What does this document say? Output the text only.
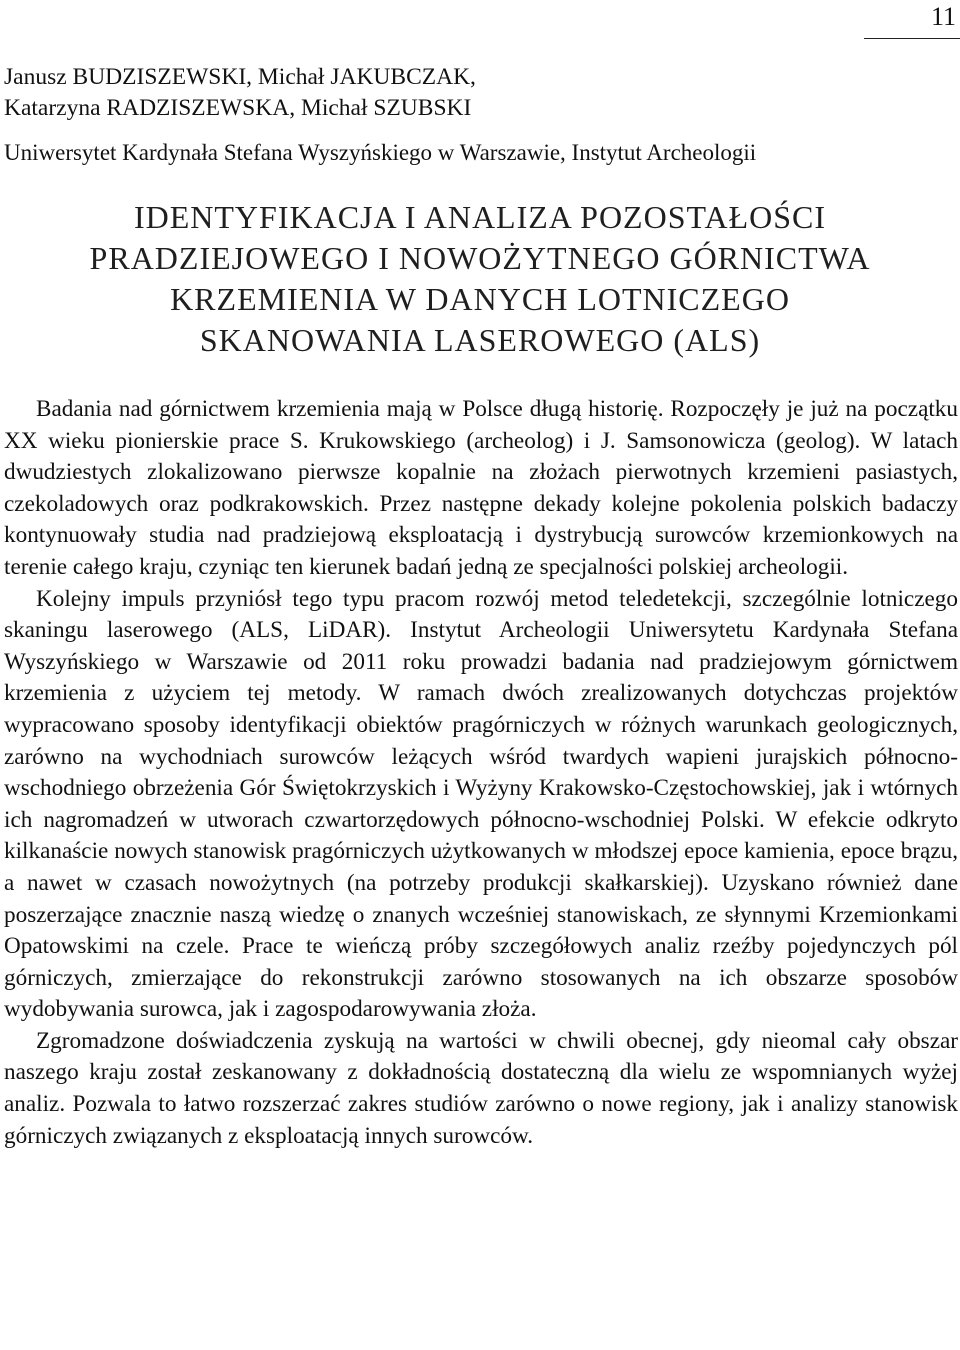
11
Janusz BUDZISZEWSKI, Michał JAKUBCZAK,
Katarzyna RADZISZEWSKA, Michał SZUBSKI
Uniwersytet Kardynała Stefana Wyszyńskiego w Warszawie, Instytut Archeologii
IDENTYFIKACJA I ANALIZA POZOSTAŁOŚCI
PRADZIEJOWEGO I NOWOŻYTNEGO GÓRNICTWA
KRZEMIENIA W DANYCH LOTNICZEGO
SKANOWANIA LASEROWEGO (ALS)

Badania nad górnictwem krzemienia mają w Polsce długą historię. Rozpoczęły je już na początku XX wieku pionierskie prace S. Krukowskiego (archeolog) i J. Samsonowicza (geolog). W latach dwudziestych zlokalizowano pierwsze kopalnie na złożach pierwotnych krzemieni pasiastych, czekoladowych oraz podkrakowskich. Przez następne dekady kolejne pokolenia polskich badaczy kontynuowały studia nad pradziejową eksploatacją i dystrybucją surowców krzemionkowych na terenie całego kraju, czyniąc ten kierunek badań jedną ze specjalności polskiej archeologii.

Kolejny impuls przyniósł tego typu pracom rozwój metod teledetekcji, szczególnie lotniczego skaningu laserowego (ALS, LiDAR). Instytut Archeologii Uniwersytetu Kardynała Stefana Wyszyńskiego w Warszawie od 2011 roku prowadzi badania nad pradziejowym górnictwem krzemienia z użyciem tej metody. W ramach dwóch zrealizowanych dotychczas projektów wypracowano sposoby identyfikacji obiektów pragórniczych w różnych warunkach geologicznych, zarówno na wychodniach surowców leżących wśród twardych wapieni jurajskich północno-wschodniego obrzeżenia Gór Świętokrzyskich i Wyżyny Krakowsko-Częstochowskiej, jak i wtórnych ich nagromadzeń w utworach czwartorzędowych północno-wschodniej Polski. W efekcie odkryto kilkanaście nowych stanowisk pragórniczych użytkowanych w młodszej epoce kamienia, epoce brązu, a nawet w czasach nowożytnych (na potrzeby produkcji skałkarskiej). Uzyskano również dane poszerzające znacznie naszą wiedzę o znanych wcześniej stanowiskach, ze słynnymi Krzemionkami Opatowskimi na czele. Prace te wieńczą próby szczegółowych analiz rzeźby pojedynczych pól górniczych, zmierzające do rekonstrukcji zarówno stosowanych na ich obszarze sposobów wydobywania surowca, jak i zagospodarowywania złoża.

Zgromadzone doświadczenia zyskują na wartości w chwili obecnej, gdy nieomal cały obszar naszego kraju został zeskanowany z dokładnością dostateczną dla wielu ze wspomnianych wyżej analiz. Pozwala to łatwo rozszerzać zakres studiów zarówno o nowe regiony, jak i analizy stanowisk górniczych związanych z eksploatacją innych surowców.
